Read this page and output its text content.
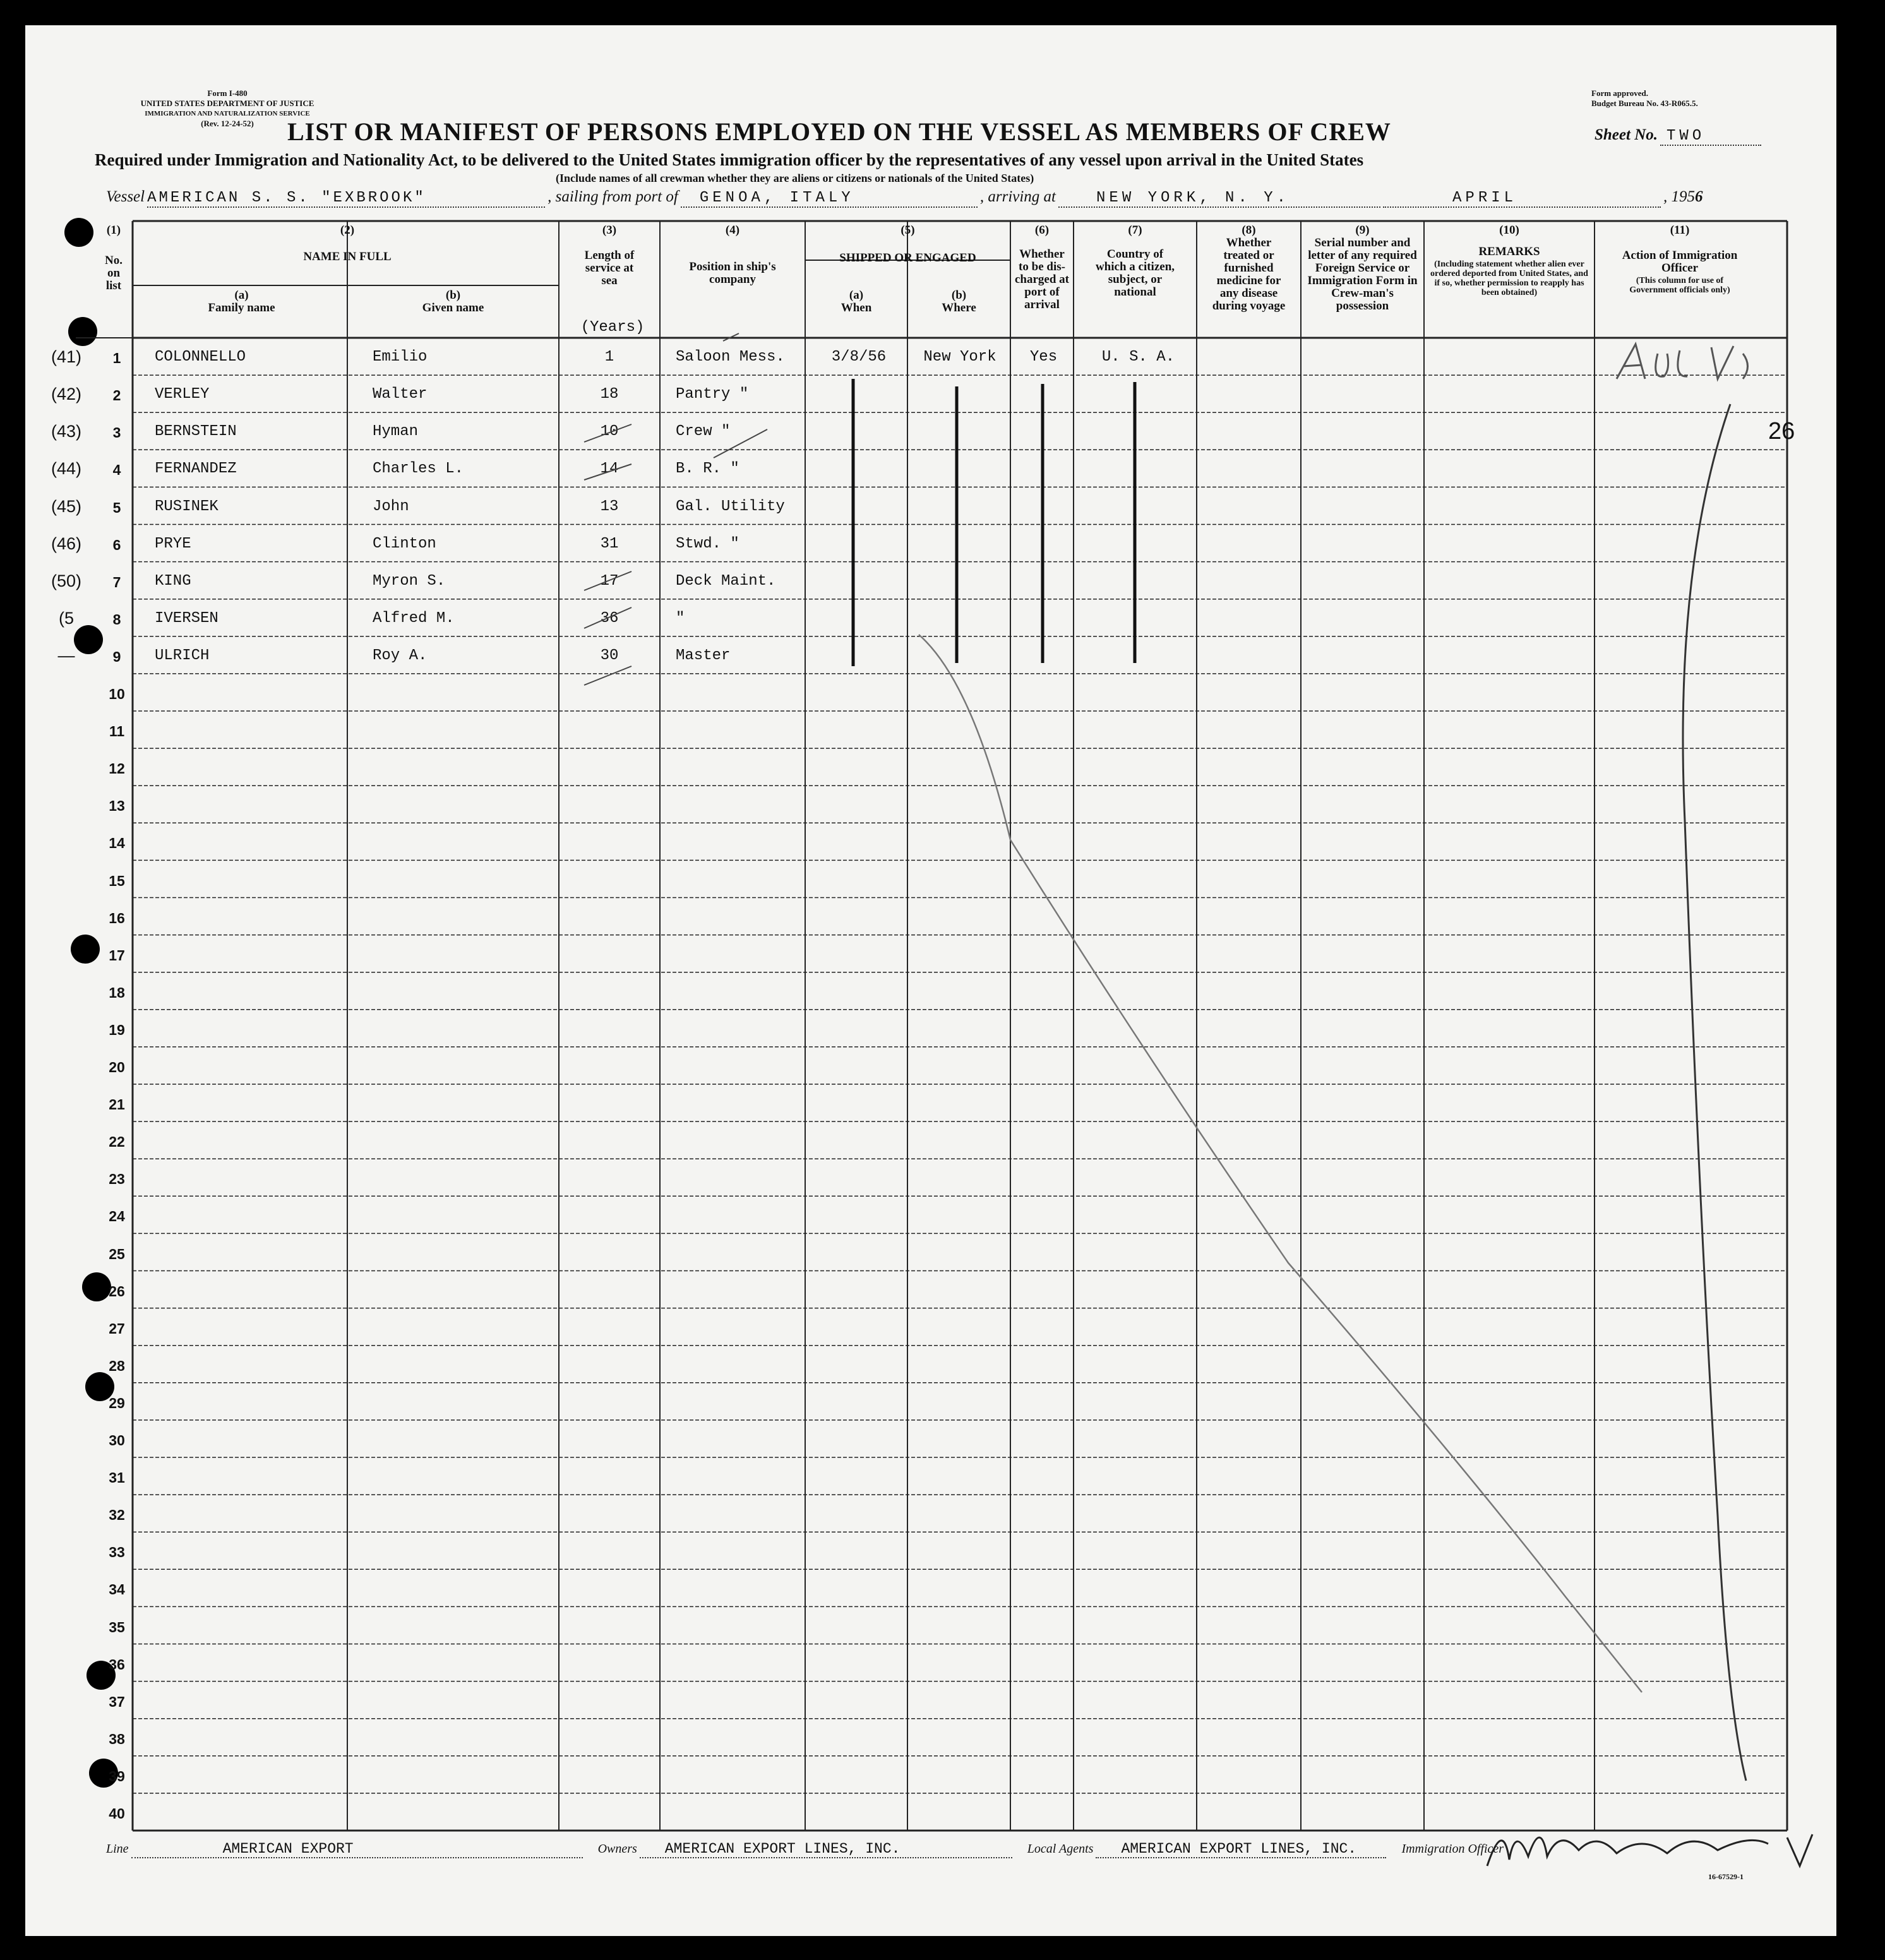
Form I-480
UNITED STATES DEPARTMENT OF JUSTICE
IMMIGRATION AND NATURALIZATION SERVICE
(Rev. 12-24-52)
Form approved.
Budget Bureau No. 43-R065.5.
LIST OR MANIFEST OF PERSONS EMPLOYED ON THE VESSEL AS MEMBERS OF CREW	Sheet No. TWO
Required under Immigration and Nationality Act, to be delivered to the United States immigration officer by the representatives of any vessel upon arrival in the United States
(Include names of all crewman whether they are aliens or citizens or nationals of the United States)
Vessel AMERICAN S. S. "EXBROOK"	, sailing from port of GENOA, ITALY	, arriving at	NEW YORK, N. Y.	APRIL	, 1956
(1)
No. on list
(2)
NAME IN FULL
(a)
Family name
(b)
Given name
(3)
Length of service at sea
(Years)
(4)
Position in ship's company
(5)
SHIPPED OR ENGAGED
(a)
When
(b)
Where
(6)
Whether to be dis-charged at port of arrival
(7)
Country of which a citizen, subject, or national
(8)
Whether treated or furnished medicine for any disease during voyage
(9)
Serial number and letter of any required Foreign Service or Immigration Form in Crew-man's possession
(10)
REMARKS
(Including statement whether alien ever ordered deported from United States, and if so, whether permission to reapply has been obtained)
(11)
Action of Immigration Officer
(This column for use of Government officials only)
1
(41)	COLONNELLO	Emilio	1	Saloon Mess.	3/8/56	New York	Yes	U. S. A.
2
(42)	VERLEY	Walter	18	Pantry "
3
(43)	BERNSTEIN	Hyman	10	Crew "
4
(44)	FERNANDEZ	Charles L.	14	B. R. "
5
(45)	RUSINEK	John	13	Gal. Utility
6
(46)	PRYE	Clinton	31	Stwd. "
7
(50)	KING	Myron S.	17	Deck Maint.
8
(5	IVERSEN	Alfred M.	36	"
9
—	ULRICH	Roy A.	30	Master
10
11
12
13
14
15
16
17
18
19
20
21
22
23
24
25
26
27
28
29
30
31
32
33
34
35
36
37
38
39
40
26
Line	AMERICAN EXPORT	Owners AMERICAN EXPORT LINES, INC.	Local Agents AMERICAN EXPORT LINES, INC.	Immigration Officer
16-67529-1
